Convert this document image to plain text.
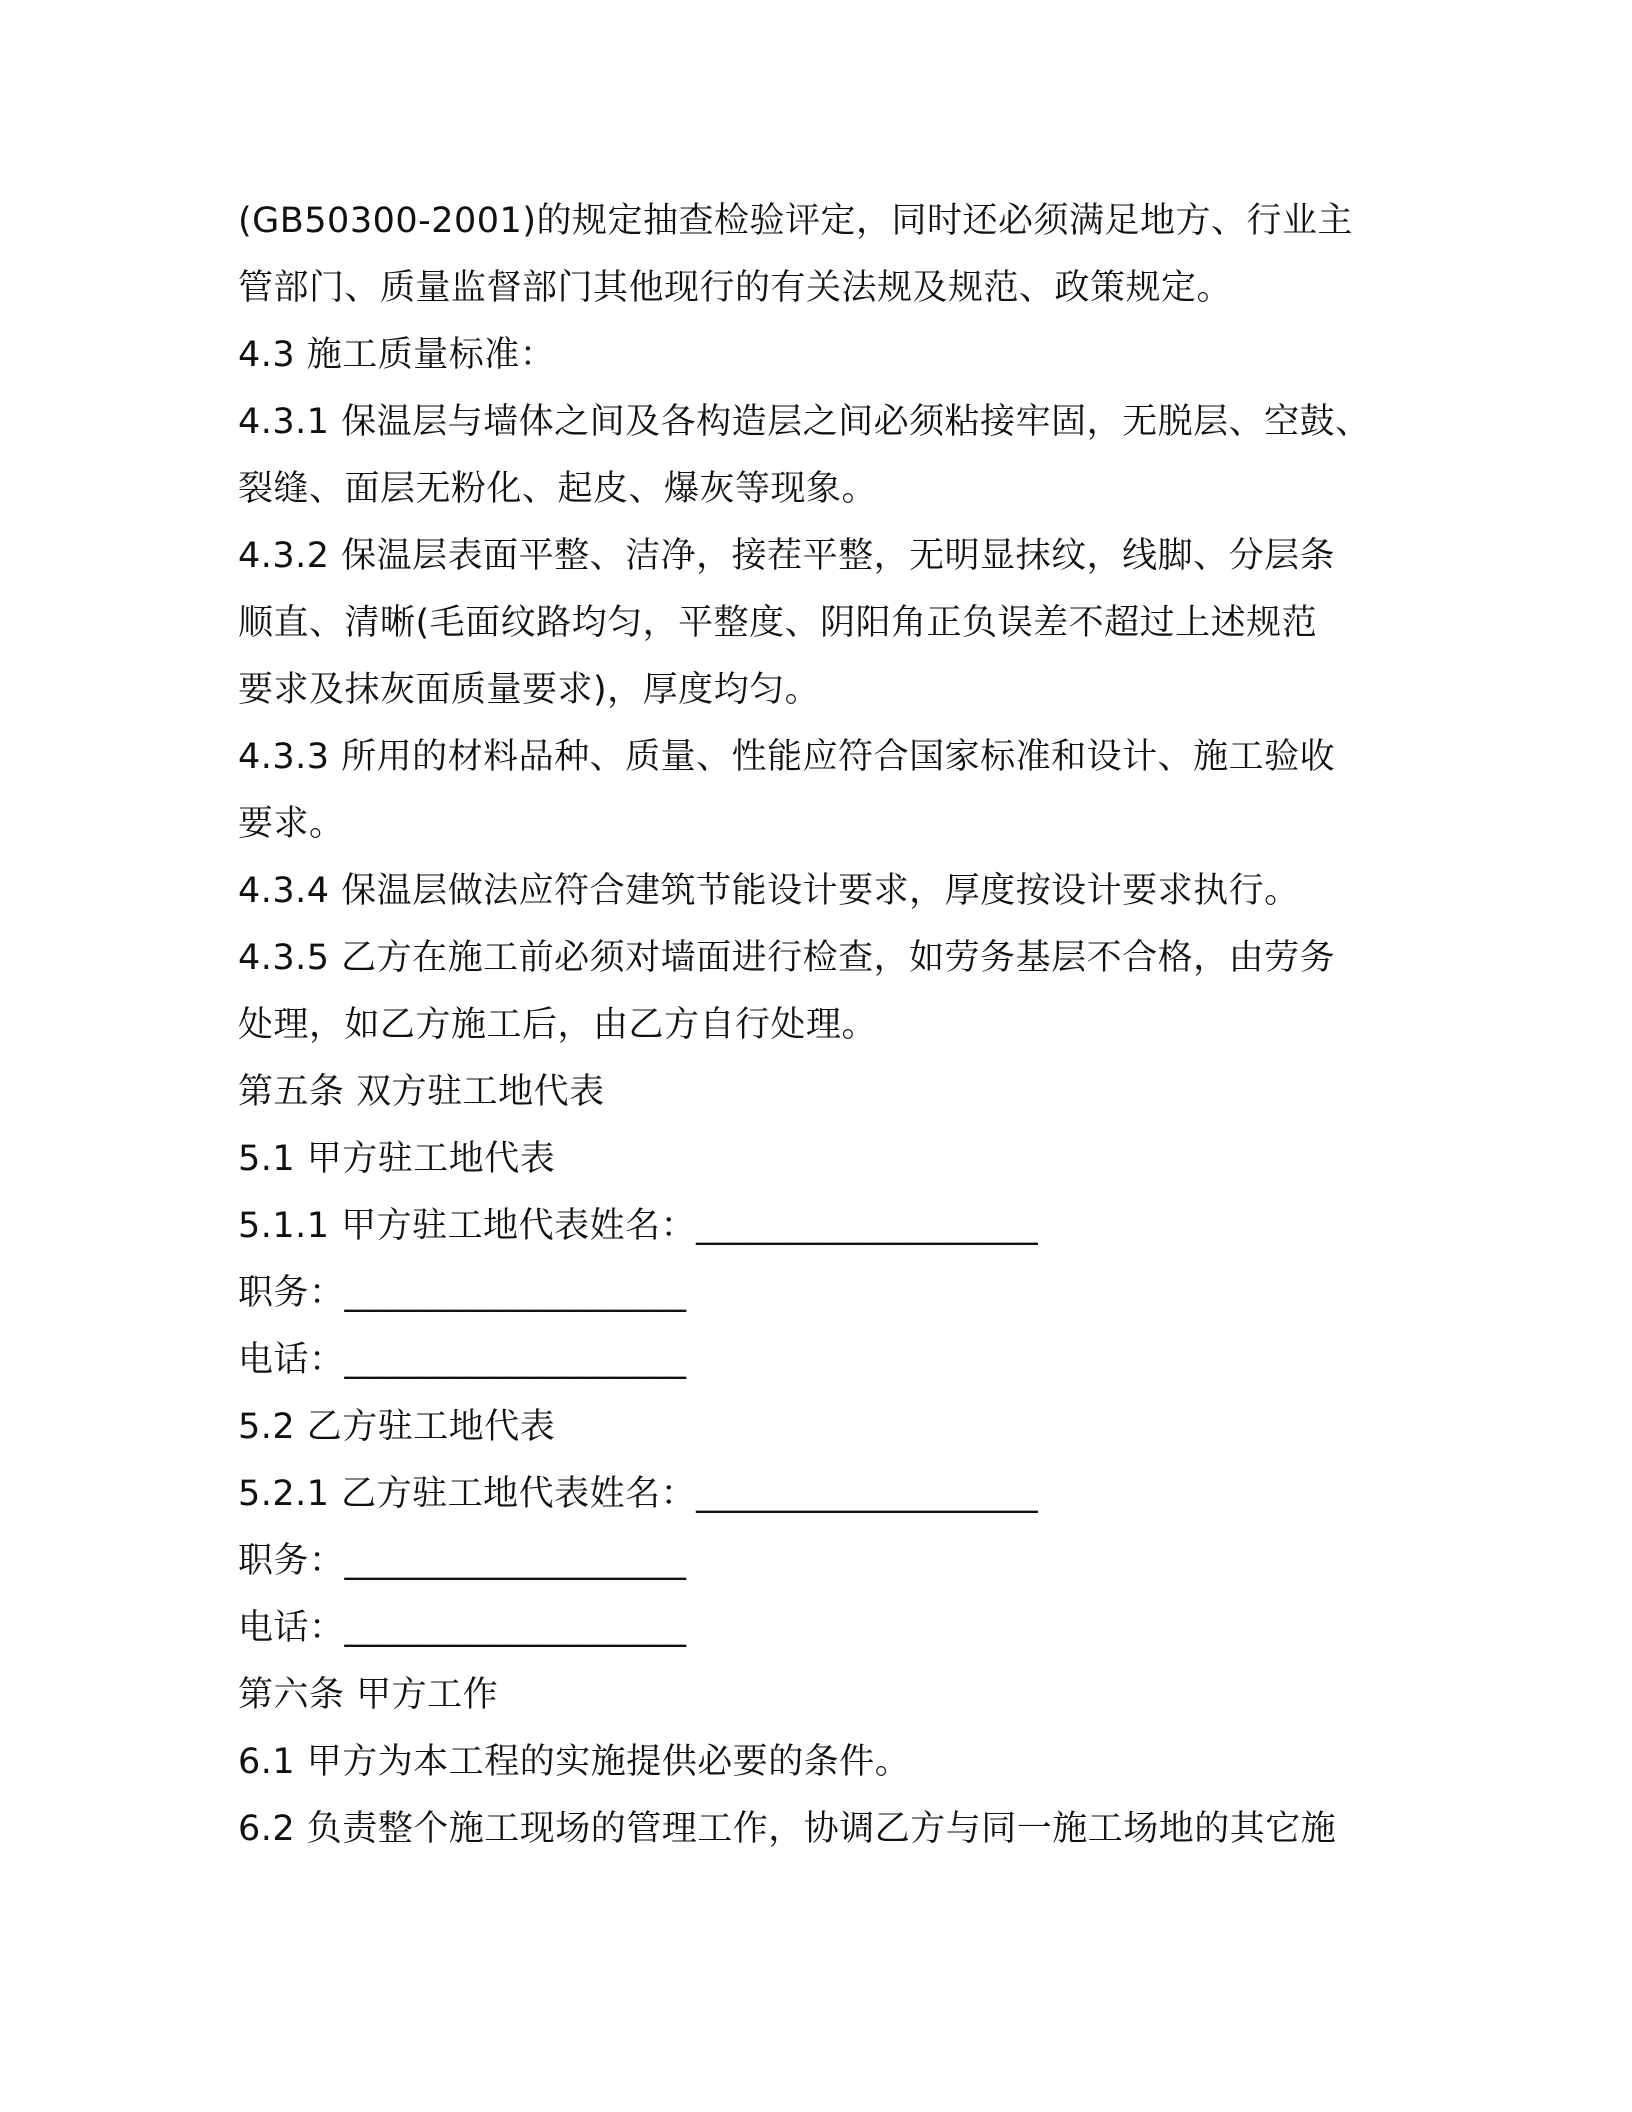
(GB50300-2001)的规定抽查检验评定，同时还必须满足地方、行业主
管部门、质量监督部门其他现行的有关法规及规范、政策规定。
4.3 施工质量标准：
4.3.1 保温层与墙体之间及各构造层之间必须粘接牢固，无脱层、空鼓、
裂缝、面层无粉化、起皮、爆灰等现象。
4.3.2 保温层表面平整、洁净，接茬平整，无明显抹纹，线脚、分层条
顺直、清晰(毛面纹路均匀，平整度、阴阳角正负误差不超过上述规范
要求及抹灰面质量要求)，厚度均匀。
4.3.3 所用的材料品种、质量、性能应符合国家标准和设计、施工验收
要求。
4.3.4 保温层做法应符合建筑节能设计要求，厚度按设计要求执行。
4.3.5 乙方在施工前必须对墙面进行检查，如劳务基层不合格，由劳务
处理，如乙方施工后，由乙方自行处理。
第五条 双方驻工地代表
5.1 甲方驻工地代表
5.1.1 甲方驻工地代表姓名：___________________
职务：___________________
电话：___________________
5.2 乙方驻工地代表
5.2.1 乙方驻工地代表姓名：___________________
职务：___________________
电话：___________________
第六条 甲方工作
6.1 甲方为本工程的实施提供必要的条件。
6.2 负责整个施工现场的管理工作，协调乙方与同一施工场地的其它施
